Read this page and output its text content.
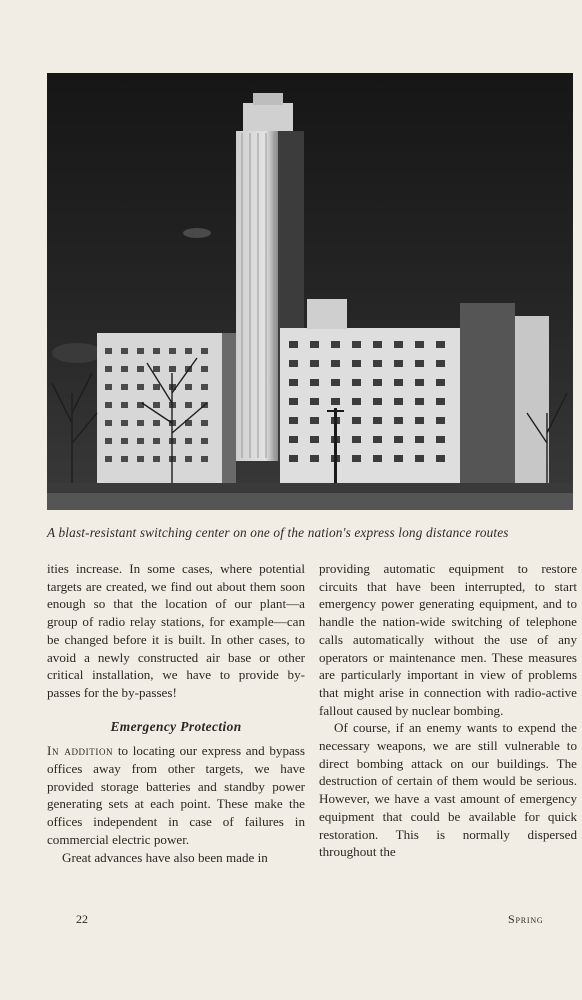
A blast-resistant switching center on one of the nation's express long distance routes

ities increase. In some cases, where potential targets are created, we find out about them soon enough so that the location of our plant—a group of radio relay stations, for example—can be changed before it is built. In other cases, to avoid a newly constructed air base or other critical installation, we have to provide by-passes for the by-passes!

Emergency Protection

In addition to locating our express and bypass offices away from other targets, we have provided storage batteries and standby power generating sets at each point. These make the offices independent in case of failures in commercial electric power.

Great advances have also been made in

providing automatic equipment to restore circuits that have been interrupted, to start emergency power generating equipment, and to handle the nation-wide switching of telephone calls automatically without the use of any operators or maintenance men. These measures are particularly important in view of problems that might arise in connection with radio-active fallout caused by nuclear bombing.

Of course, if an enemy wants to expend the necessary weapons, we are still vulnerable to direct bombing attack on our buildings. The destruction of certain of them would be serious. However, we have a vast amount of emergency equipment that could be available for quick restoration. This is normally dispersed throughout the

22	Spring
